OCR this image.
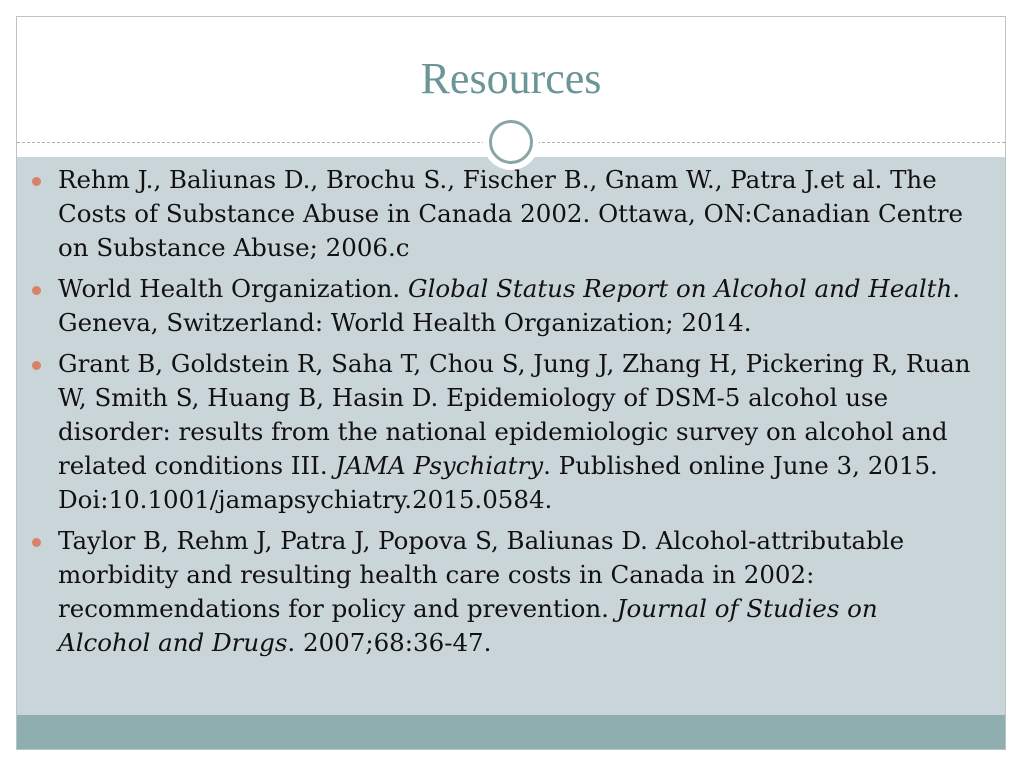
Resources
Rehm J., Baliunas D., Brochu S., Fischer B., Gnam W., Patra J.et al. The Costs of Substance Abuse in Canada 2002. Ottawa, ON:Canadian Centre on Substance Abuse; 2006.c
World Health Organization. Global Status Report on Alcohol and Health. Geneva, Switzerland: World Health Organization; 2014.
Grant B, Goldstein R, Saha T, Chou S, Jung J, Zhang H, Pickering R, Ruan W, Smith S, Huang B, Hasin D. Epidemiology of DSM-5 alcohol use disorder: results from the national epidemiologic survey on alcohol and related conditions III. JAMA Psychiatry. Published online June 3, 2015. Doi:10.1001/jamapsychiatry.2015.0584.
Taylor B, Rehm J, Patra J, Popova S, Baliunas D. Alcohol-attributable morbidity and resulting health care costs in Canada in 2002: recommendations for policy and prevention. Journal of Studies on Alcohol and Drugs. 2007;68:36-47.
